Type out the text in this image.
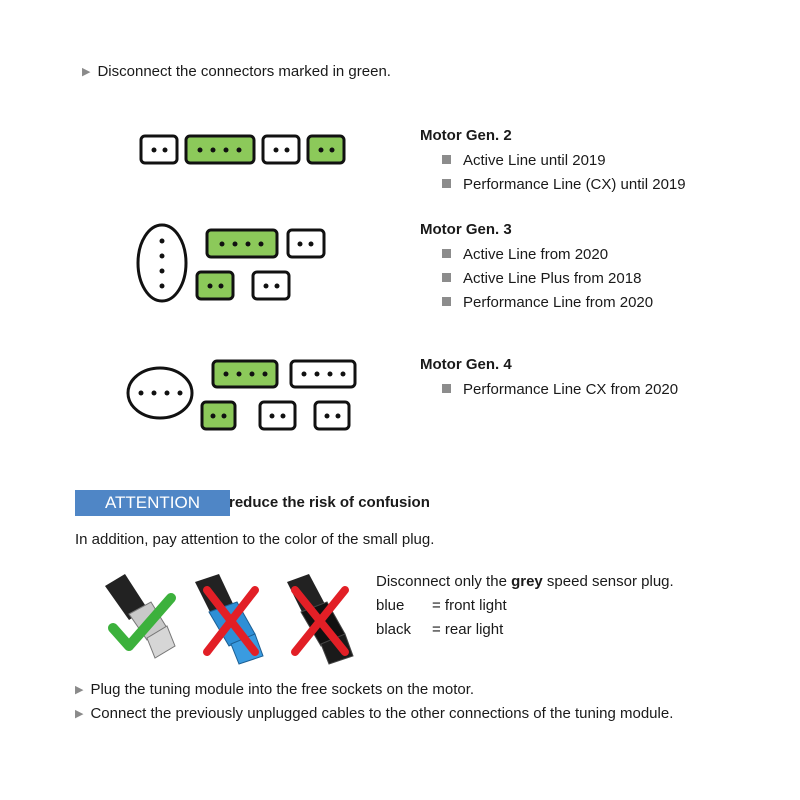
▶ Disconnect the connectors marked in green.
Motor Gen. 2
Active Line until 2019
Performance Line (CX) until 2019
Motor Gen. 3
Active Line from 2020
Active Line Plus from 2018
Performance Line from 2020
Motor Gen. 4
Performance Line CX from 2020
ATTENTION	reduce the risk of confusion
In addition, pay attention to the color of the small plug.
Disconnect only the grey speed sensor plug.
blue	= front light
black	= rear light
▶ Plug the tuning module into the free sockets on the motor.
▶ Connect the previously unplugged cables to the other connections of the tuning module.
